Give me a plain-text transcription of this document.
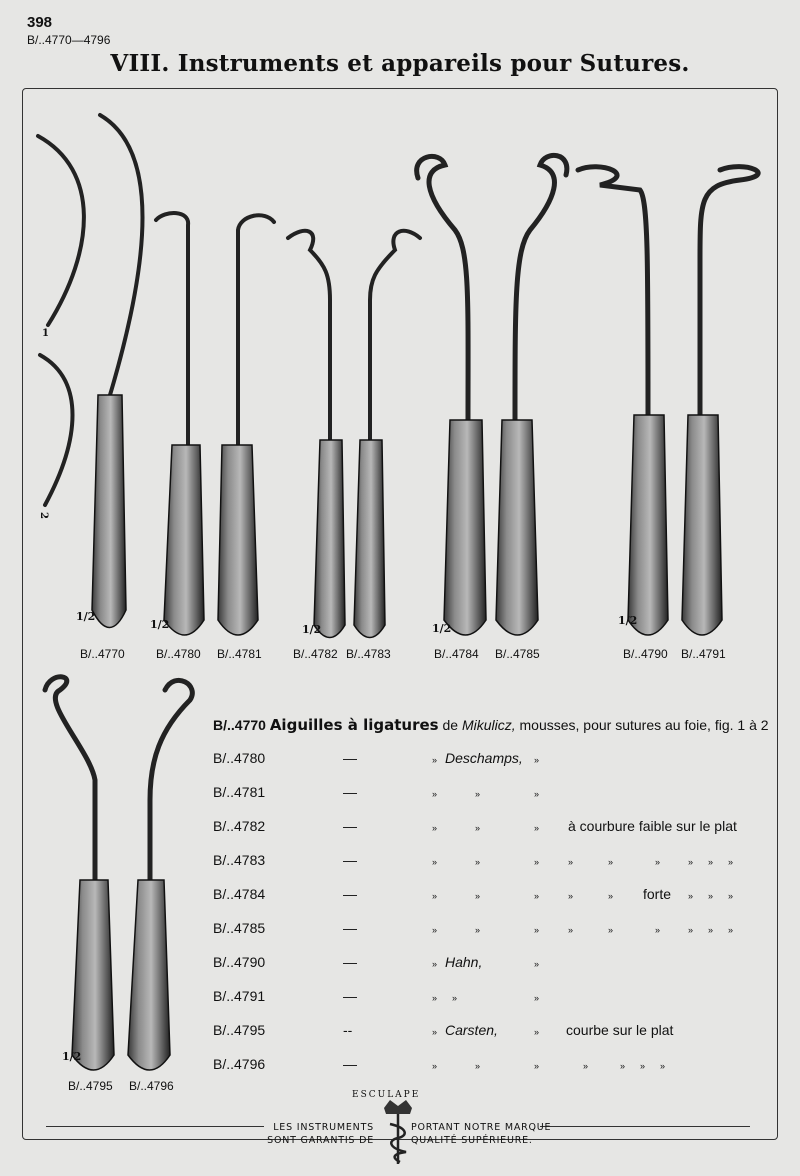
398
B/..4770—4796
VIII. Instruments et appareils pour Sutures.
1
2
1/2
1/2	1/2	1/2
1/2
1/2
B/..4770	B/..4780 B/..4781	B/..4782 B/..4783	B/..4784 B/..4785	B/..4790 B/..4791
B/..4795 B/..4796
B/..4770 Aiguilles à ligatures de Mikulicz, mousses, pour sutures au foie, fig. 1 à 2
B/..4780	—	» Deschamps, »
B/..4781	—	»	»	»
B/..4782	—	»	»	» à courbure faible sur le plat
B/..4783	—	»	»	»	»	»	»	» » »
B/..4784	—	»	»	»	»	» forte » » »
B/..4785	—	»	»	»	»	»	»	» » »
B/..4790	—	» Hahn,	»
B/..4791	—	» »	»
B/..4795	--	» Carsten,	» courbe sur le plat
B/..4796	—	»	»	»	»	» » »
ESCULAPE
LES INSTRUMENTS
SONT GARANTIS DE
PORTANT NOTRE MARQUE
QUALITÉ SUPÉRIEURE.
